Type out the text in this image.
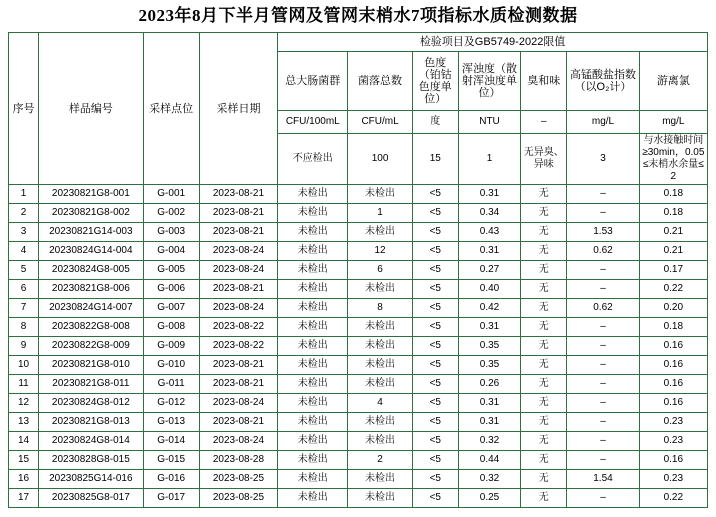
2023年8月下半月管网及管网末梢水7项指标水质检测数据
序号	样品编号	采样点位	采样日期	检验项目及GB5749-2022限值						
				总大肠菌群	菌落总数	色度（铂钴色度单位）	浑浊度（散射浑浊度单位）	臭和味	高锰酸盐指数（以O₂计）	游离氯
				CFU/100mL	CFU/mL	度	NTU	–	mg/L	mg/L
				不应检出	100	15	1	无异臭、异味	3	与水接触时间≥30min，0.05≤末梢水余量≤2
1	20230821G8-001	G-001	2023-08-21	未检出	未检出	<5	0.31	无	–	0.18
2	20230821G8-002	G-002	2023-08-21	未检出	1	<5	0.34	无	–	0.18
3	20230821G14-003	G-003	2023-08-21	未检出	未检出	<5	0.43	无	1.53	0.21
4	20230824G14-004	G-004	2023-08-24	未检出	12	<5	0.31	无	0.62	0.21
5	20230824G8-005	G-005	2023-08-24	未检出	6	<5	0.27	无	–	0.17
6	20230821G8-006	G-006	2023-08-21	未检出	未检出	<5	0.40	无	–	0.22
7	20230824G14-007	G-007	2023-08-24	未检出	8	<5	0.42	无	0.62	0.20
8	20230822G8-008	G-008	2023-08-22	未检出	未检出	<5	0.31	无	–	0.18
9	20230822G8-009	G-009	2023-08-22	未检出	未检出	<5	0.35	无	–	0.16
10	20230821G8-010	G-010	2023-08-21	未检出	未检出	<5	0.35	无	–	0.16
11	20230821G8-011	G-011	2023-08-21	未检出	未检出	<5	0.26	无	–	0.16
12	20230824G8-012	G-012	2023-08-24	未检出	4	<5	0.31	无	–	0.16
13	20230821G8-013	G-013	2023-08-21	未检出	未检出	<5	0.31	无	–	0.23
14	20230824G8-014	G-014	2023-08-24	未检出	未检出	<5	0.32	无	–	0.23
15	20230828G8-015	G-015	2023-08-28	未检出	2	<5	0.44	无	–	0.16
16	20230825G14-016	G-016	2023-08-25	未检出	未检出	<5	0.32	无	1.54	0.23
17	20230825G8-017	G-017	2023-08-25	未检出	未检出	<5	0.25	无	–	0.22
